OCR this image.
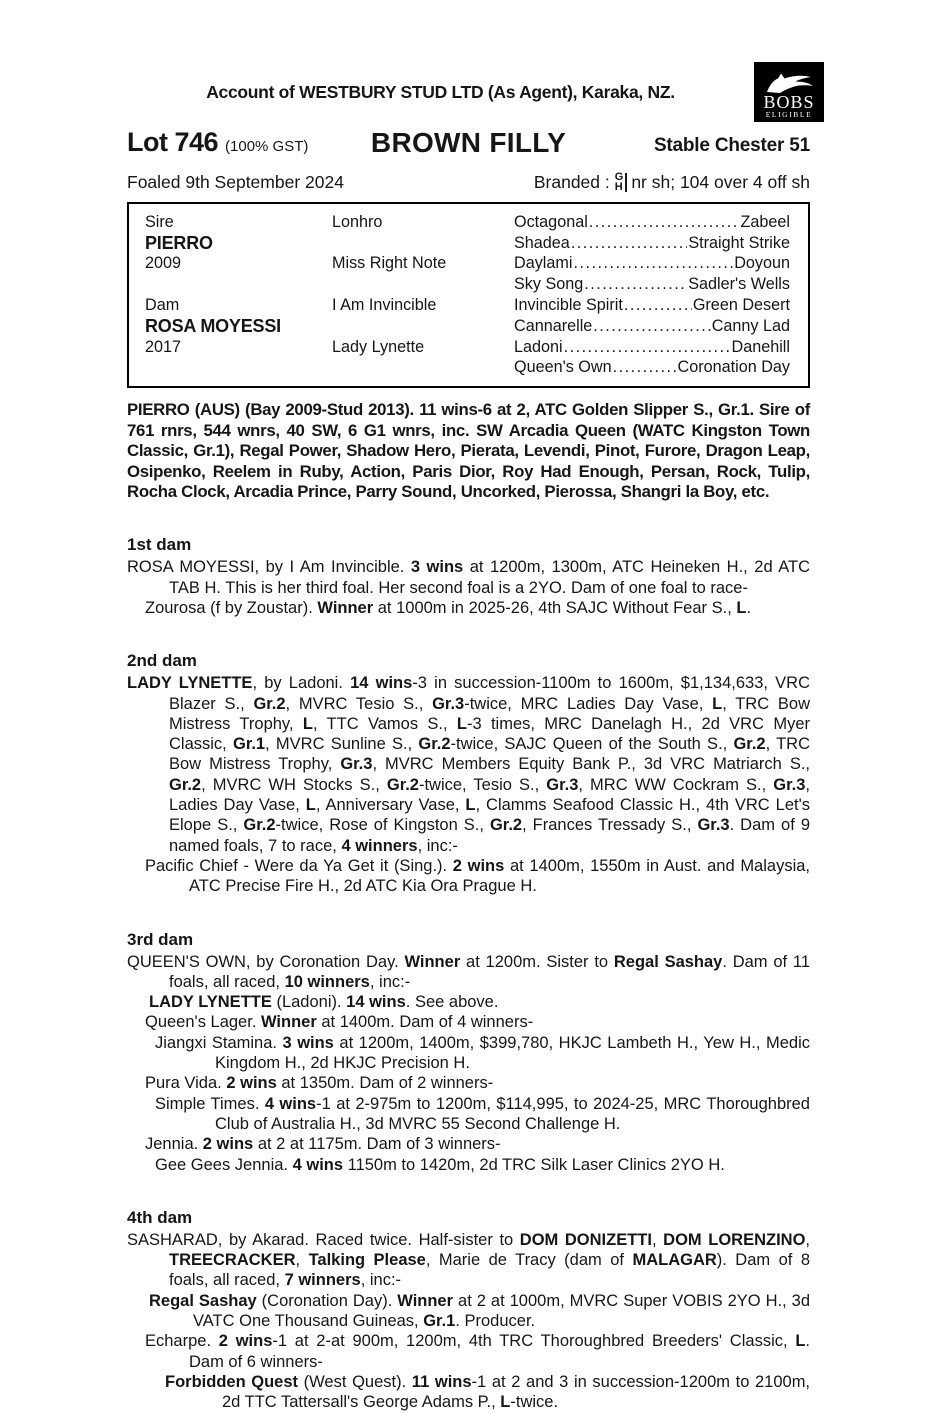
Account of WESTBURY STUD LTD (As Agent), Karaka, NZ.
BOBS
ELIGIBLE
Lot 746 (100% GST) BROWN FILLY	Stable Chester 51
Foaled 9th September 2024	Branded : G
H nr sh; 104 over 4 off sh
Sire	Lonhro	Octagonal .....	Zabeel
PIERRO	Shadea .....	Straight Strike
2009	Miss Right Note	Daylami .....	Doyoun
Sky Song .....	Sadler's Wells
Dam	I Am Invincible	Invincible Spirit .....	Green Desert
ROSA MOYESSI	Cannarelle .....	Canny Lad
2017	Lady Lynette	Ladoni .....	Danehill
Queen's Own .....	Coronation Day

PIERRO (AUS) (Bay 2009-Stud 2013). 11 wins-6 at 2, ATC Golden Slipper S., Gr.1. Sire of 761 rnrs, 544 wnrs, 40 SW, 6 G1 wnrs, inc. SW Arcadia Queen (WATC Kingston Town Classic, Gr.1), Regal Power, Shadow Hero, Pierata, Levendi, Pinot, Furore, Dragon Leap, Osipenko, Reelem in Ruby, Action, Paris Dior, Roy Had Enough, Persan, Rock, Tulip, Rocha Clock, Arcadia Prince, Parry Sound, Uncorked, Pierossa, Shangri la Boy, etc.

1st dam

ROSA MOYESSI, by I Am Invincible. 3 wins at 1200m, 1300m, ATC Heineken H., 2d ATC TAB H. This is her third foal. Her second foal is a 2YO. Dam of one foal to race-

Zourosa (f by Zoustar). Winner at 1000m in 2025-26, 4th SAJC Without Fear S., L.

2nd dam

LADY LYNETTE, by Ladoni. 14 wins-3 in succession-1100m to 1600m, $1,134,633, VRC Blazer S., Gr.2, MVRC Tesio S., Gr.3-twice, MRC Ladies Day Vase, L, TRC Bow Mistress Trophy, L, TTC Vamos S., L-3 times, MRC Danelagh H., 2d VRC Myer Classic, Gr.1, MVRC Sunline S., Gr.2-twice, SAJC Queen of the South S., Gr.2, TRC Bow Mistress Trophy, Gr.3, MVRC Members Equity Bank P., 3d VRC Matriarch S., Gr.2, MVRC WH Stocks S., Gr.2-twice, Tesio S., Gr.3, MRC WW Cockram S., Gr.3, Ladies Day Vase, L, Anniversary Vase, L, Clamms Seafood Classic H., 4th VRC Let's Elope S., Gr.2-twice, Rose of Kingston S., Gr.2, Frances Tressady S., Gr.3. Dam of 9 named foals, 7 to race, 4 winners, inc:-

Pacific Chief - Were da Ya Get it (Sing.). 2 wins at 1400m, 1550m in Aust. and Malaysia, ATC Precise Fire H., 2d ATC Kia Ora Prague H.

3rd dam

QUEEN'S OWN, by Coronation Day. Winner at 1200m. Sister to Regal Sashay. Dam of 11 foals, all raced, 10 winners, inc:-

LADY LYNETTE (Ladoni). 14 wins. See above.

Queen's Lager. Winner at 1400m. Dam of 4 winners-

Jiangxi Stamina. 3 wins at 1200m, 1400m, $399,780, HKJC Lambeth H., Yew H., Medic Kingdom H., 2d HKJC Precision H.

Pura Vida. 2 wins at 1350m. Dam of 2 winners-

Simple Times. 4 wins-1 at 2-975m to 1200m, $114,995, to 2024-25, MRC Thoroughbred Club of Australia H., 3d MVRC 55 Second Challenge H.

Jennia. 2 wins at 2 at 1175m. Dam of 3 winners-

Gee Gees Jennia. 4 wins 1150m to 1420m, 2d TRC Silk Laser Clinics 2YO H.

4th dam

SASHARAD, by Akarad. Raced twice. Half-sister to DOM DONIZETTI, DOM LORENZINO, TREECRACKER, Talking Please, Marie de Tracy (dam of MALAGAR). Dam of 8 foals, all raced, 7 winners, inc:-

Regal Sashay (Coronation Day). Winner at 2 at 1000m, MVRC Super VOBIS 2YO H., 3d VATC One Thousand Guineas, Gr.1. Producer.

Echarpe. 2 wins-1 at 2-at 900m, 1200m, 4th TRC Thoroughbred Breeders' Classic, L. Dam of 6 winners-

Forbidden Quest (West Quest). 11 wins-1 at 2 and 3 in succession-1200m to 2100m, 2d TTC Tattersall's George Adams P., L-twice.
